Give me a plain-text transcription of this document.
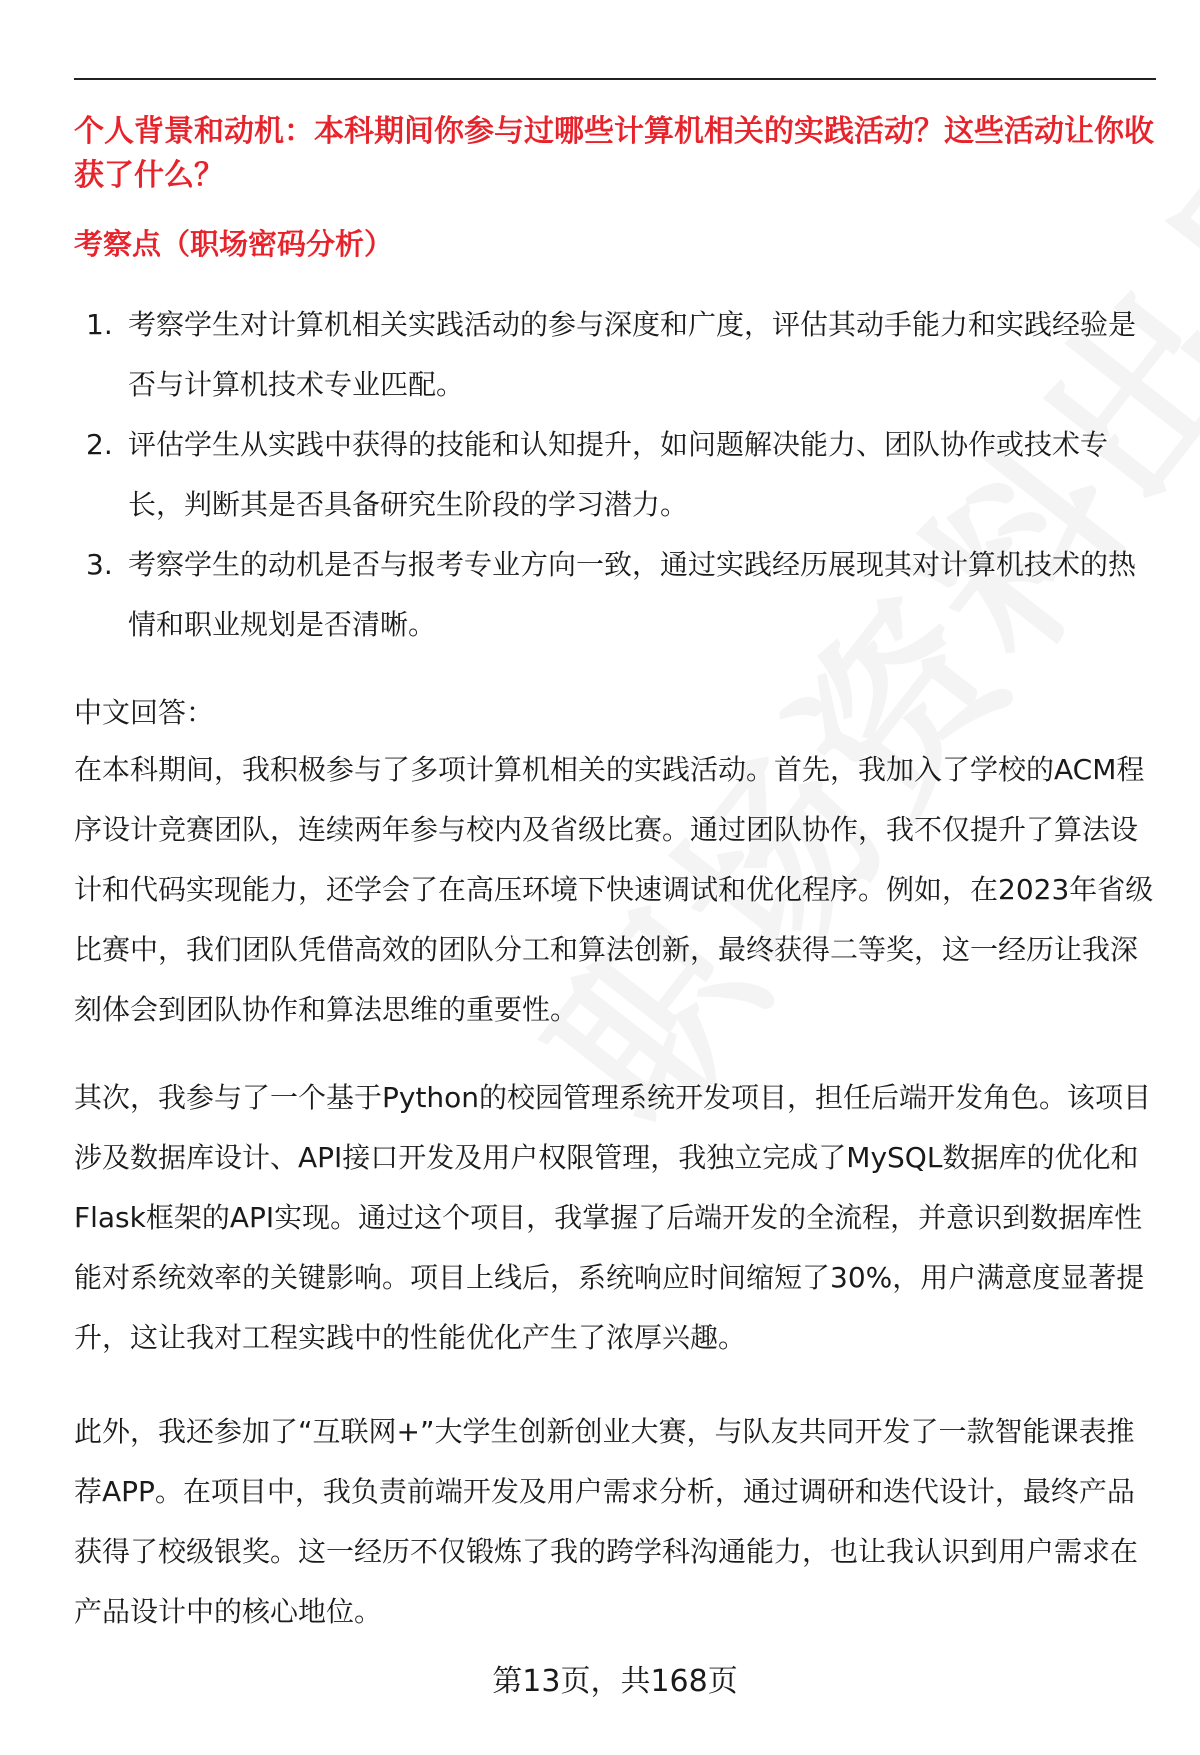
个人背景和动机：本科期间你参与过哪些计算机相关的实践活动？这些活动让你收获了什么？

考察点（职场密码分析）

1. 考察学生对计算机相关实践活动的参与深度和广度，评估其动手能力和实践经验是否与计算机技术专业匹配。
2. 评估学生从实践中获得的技能和认知提升，如问题解决能力、团队协作或技术专长，判断其是否具备研究生阶段的学习潜力。
3. 考察学生的动机是否与报考专业方向一致，通过实践经历展现其对计算机技术的热情和职业规划是否清晰。

中文回答：

在本科期间，我积极参与了多项计算机相关的实践活动。首先，我加入了学校的ACM程序设计竞赛团队，连续两年参与校内及省级比赛。通过团队协作，我不仅提升了算法设计和代码实现能力，还学会了在高压环境下快速调试和优化程序。例如，在2023年省级比赛中，我们团队凭借高效的团队分工和算法创新，最终获得二等奖，这一经历让我深刻体会到团队协作和算法思维的重要性。

其次，我参与了一个基于Python的校园管理系统开发项目，担任后端开发角色。该项目涉及数据库设计、API接口开发及用户权限管理，我独立完成了MySQL数据库的优化和Flask框架的API实现。通过这个项目，我掌握了后端开发的全流程，并意识到数据库性能对系统效率的关键影响。项目上线后，系统响应时间缩短了30%，用户满意度显著提升，这让我对工程实践中的性能优化产生了浓厚兴趣。

此外，我还参加了“互联网+”大学生创新创业大赛，与队友共同开发了一款智能课表推荐APP。在项目中，我负责前端开发及用户需求分析，通过调研和迭代设计，最终产品获得了校级银奖。这一经历不仅锻炼了我的跨学科沟通能力，也让我认识到用户需求在产品设计中的核心地位。

第13页，共168页
